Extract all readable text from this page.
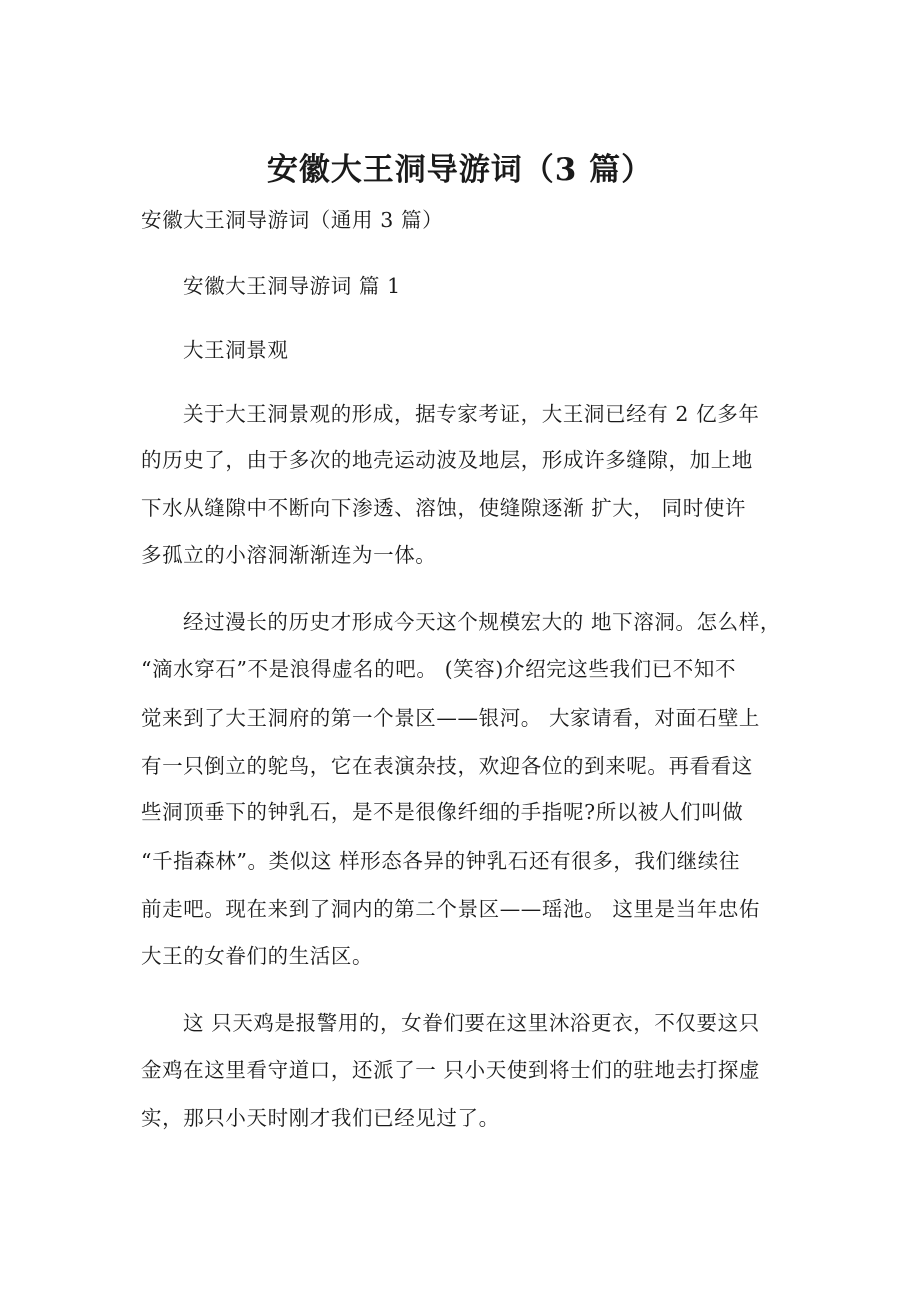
安徽大王洞导游词（3 篇）

安徽大王洞导游词（通用 3 篇）

安徽大王洞导游词 篇 1

大王洞景观

关于大王洞景观的形成，据专家考证，大王洞已经有 2 亿多年

的历史了，由于多次的地壳运动波及地层，形成许多缝隙，加上地

下水从缝隙中不断向下渗透、溶蚀，使缝隙逐渐 扩大， 同时使许

多孤立的小溶洞渐渐连为一体。

经过漫长的历史才形成今天这个规模宏大的 地下溶洞。怎么样，

“滴水穿石”不是浪得虚名的吧。 (笑容)介绍完这些我们已不知不

觉来到了大王洞府的第一个景区——银河。 大家请看，对面石壁上

有一只倒立的鸵鸟，它在表演杂技，欢迎各位的到来呢。再看看这

些洞顶垂下的钟乳石，是不是很像纤细的手指呢?所以被人们叫做

“千指森林”。类似这 样形态各异的钟乳石还有很多，我们继续往

前走吧。现在来到了洞内的第二个景区——瑶池。 这里是当年忠佑

大王的女眷们的生活区。

这 只天鸡是报警用的，女眷们要在这里沐浴更衣，不仅要这只

金鸡在这里看守道口，还派了一 只小天使到将士们的驻地去打探虚

实，那只小天时刚才我们已经见过了。
